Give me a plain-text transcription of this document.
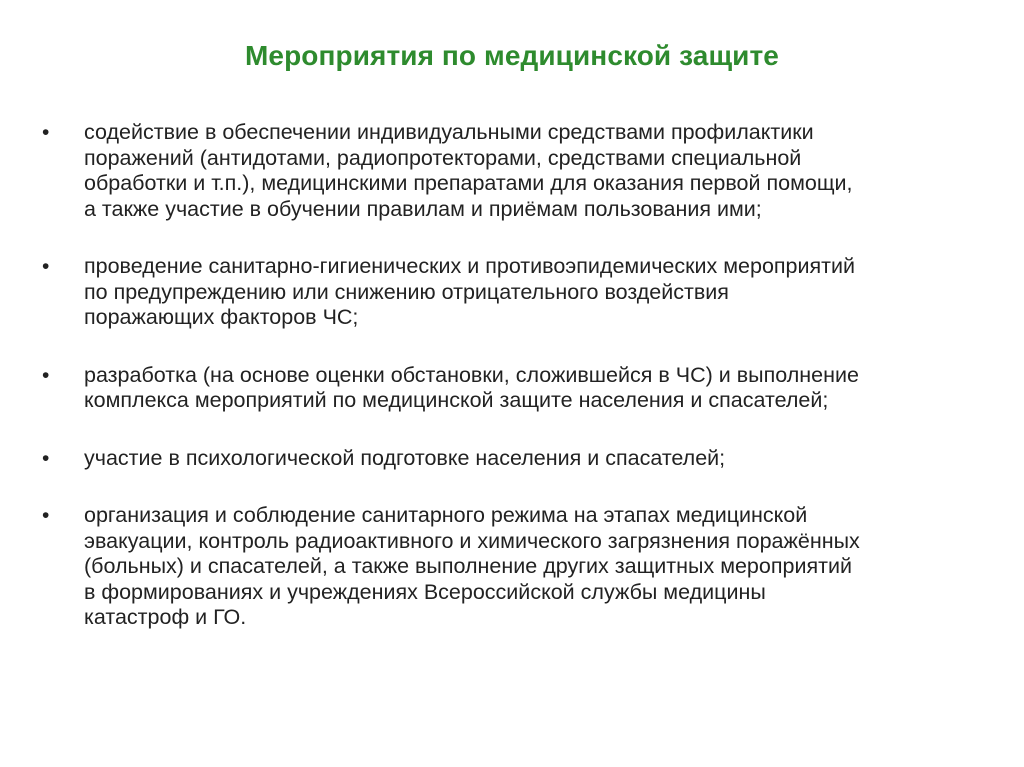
Мероприятия по медицинской защите
• содействие в обеспечении индивидуальными средствами профилактики
поражений (антидотами, радиопротекторами, средствами специальной
обработки и т.п.), медицинскими препаратами для оказания первой помощи,
а также участие в обучении правилам и приёмам пользования ими;
• проведение санитарно-гигиенических и противоэпидемических мероприятий
по предупреждению или снижению отрицательного воздействия
поражающих факторов ЧС;
• разработка (на основе оценки обстановки, сложившейся в ЧС) и выполнение
комплекса мероприятий по медицинской защите населения и спасателей;
• участие в психологической подготовке населения и спасателей;
• организация и соблюдение санитарного режима на этапах медицинской
эвакуации, контроль радиоактивного и химического загрязнения поражённых
(больных) и спасателей, а также выполнение других защитных мероприятий
в формированиях и учреждениях Всероссийской службы медицины
катастроф и ГО.
